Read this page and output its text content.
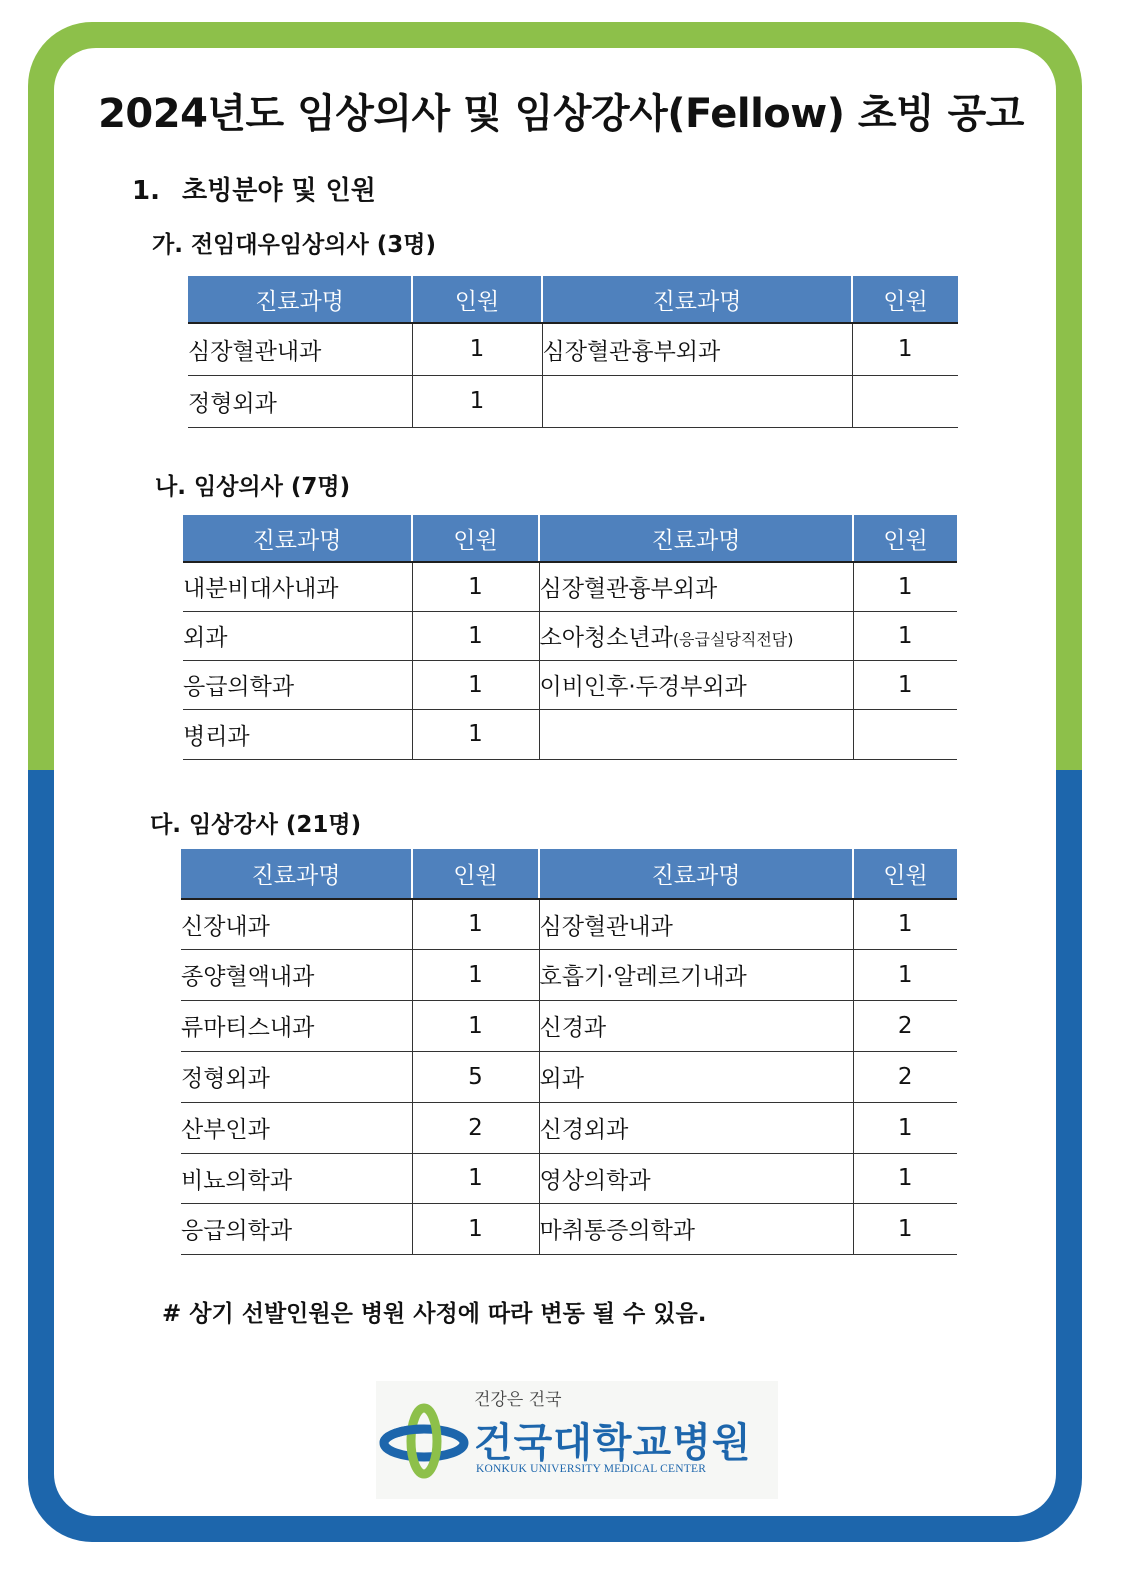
2024년도 임상의사 및 임상강사(Fellow) 초빙 공고

1. 초빙분야 및 인원

가. 전임대우임상의사 (3명)

진료과명	인원	진료과명	인원
심장혈관내과	1	심장혈관흉부외과	1
정형외과	1		

나. 임상의사 (7명)

진료과명	인원	진료과명	인원
내분비대사내과	1	심장혈관흉부외과	1
외과	1	소아청소년과(응급실당직전담)	1
응급의학과	1	이비인후·두경부외과	1
병리과	1		

다. 임상강사 (21명)

진료과명	인원	진료과명	인원
신장내과	1	심장혈관내과	1
종양혈액내과	1	호흡기·알레르기내과	1
류마티스내과	1	신경과	2
정형외과	5	외과	2
산부인과	2	신경외과	1
비뇨의학과	1	영상의학과	1
응급의학과	1	마취통증의학과	1

# 상기 선발인원은 병원 사정에 따라 변동 될 수 있음.

건강은 건국
건국대학교병원
KONKUK UNIVERSITY MEDICAL CENTER
